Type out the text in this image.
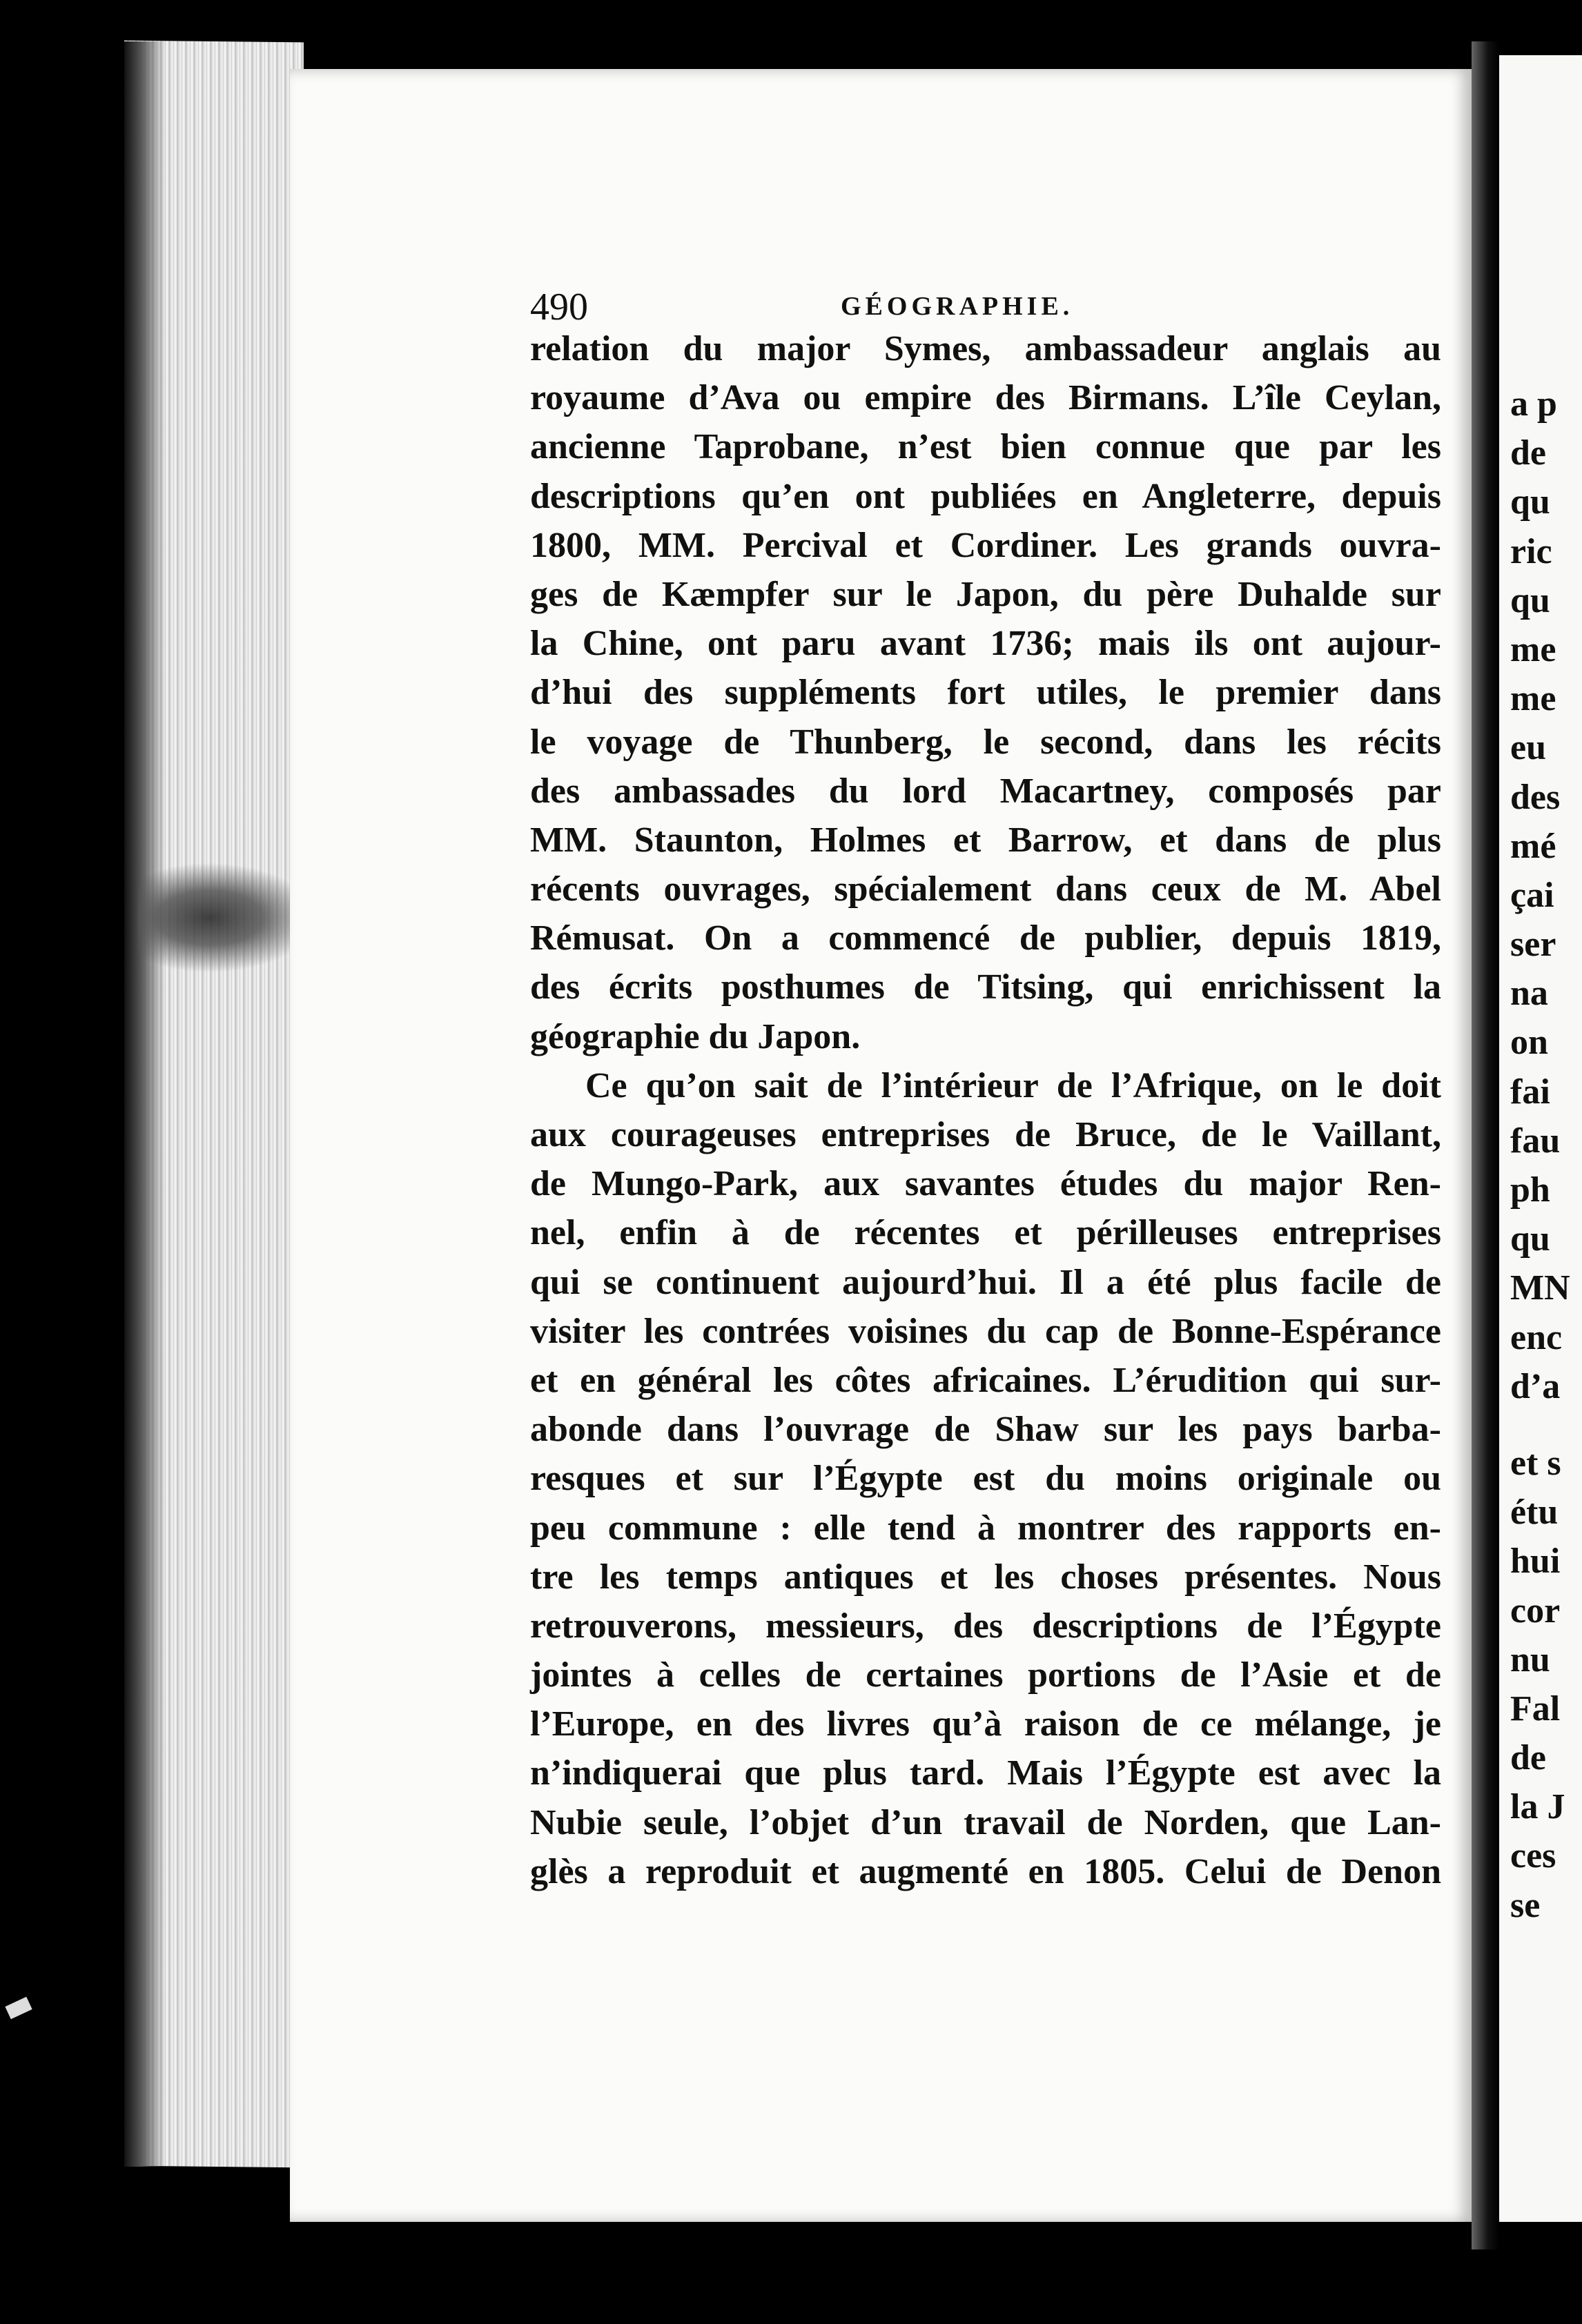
490	GÉOGRAPHIE.
relation du major Symes, ambassadeur anglais au
royaume d’Ava ou empire des Birmans. L’île Ceylan,
ancienne Taprobane, n’est bien connue que par les
descriptions qu’en ont publiées en Angleterre, depuis
1800, MM. Percival et Cordiner. Les grands ouvra-
ges de Kæmpfer sur le Japon, du père Duhalde sur
la Chine, ont paru avant 1736; mais ils ont aujour-
d’hui des suppléments fort utiles, le premier dans
le voyage de Thunberg, le second, dans les récits
des ambassades du lord Macartney, composés par
MM. Staunton, Holmes et Barrow, et dans de plus
récents ouvrages, spécialement dans ceux de M. Abel
Rémusat. On a commencé de publier, depuis 1819,
des écrits posthumes de Titsing, qui enrichissent la
géographie du Japon.
Ce qu’on sait de l’intérieur de l’Afrique, on le doit
aux courageuses entreprises de Bruce, de le Vaillant,
de Mungo-Park, aux savantes études du major Ren-
nel, enfin à de récentes et périlleuses entreprises
qui se continuent aujourd’hui. Il a été plus facile de
visiter les contrées voisines du cap de Bonne-Espérance
et en général les côtes africaines. L’érudition qui sur-
abonde dans l’ouvrage de Shaw sur les pays barba-
resques et sur l’Égypte est du moins originale ou
peu commune : elle tend à montrer des rapports en-
tre les temps antiques et les choses présentes. Nous
retrouverons, messieurs, des descriptions de l’Égypte
jointes à celles de certaines portions de l’Asie et de
l’Europe, en des livres qu’à raison de ce mélange, je
n’indiquerai que plus tard. Mais l’Égypte est avec la
Nubie seule, l’objet d’un travail de Norden, que Lan-
glès a reproduit et augmenté en 1805. Celui de Denon
a p
de
qu
ric
qu
me
me
eu
des
mé
çai
ser
na
on
fai
fau
ph
qu
MN
enc
d’a
et s
étu
hui
cor
nu
Fal
de
la J
ces
se
